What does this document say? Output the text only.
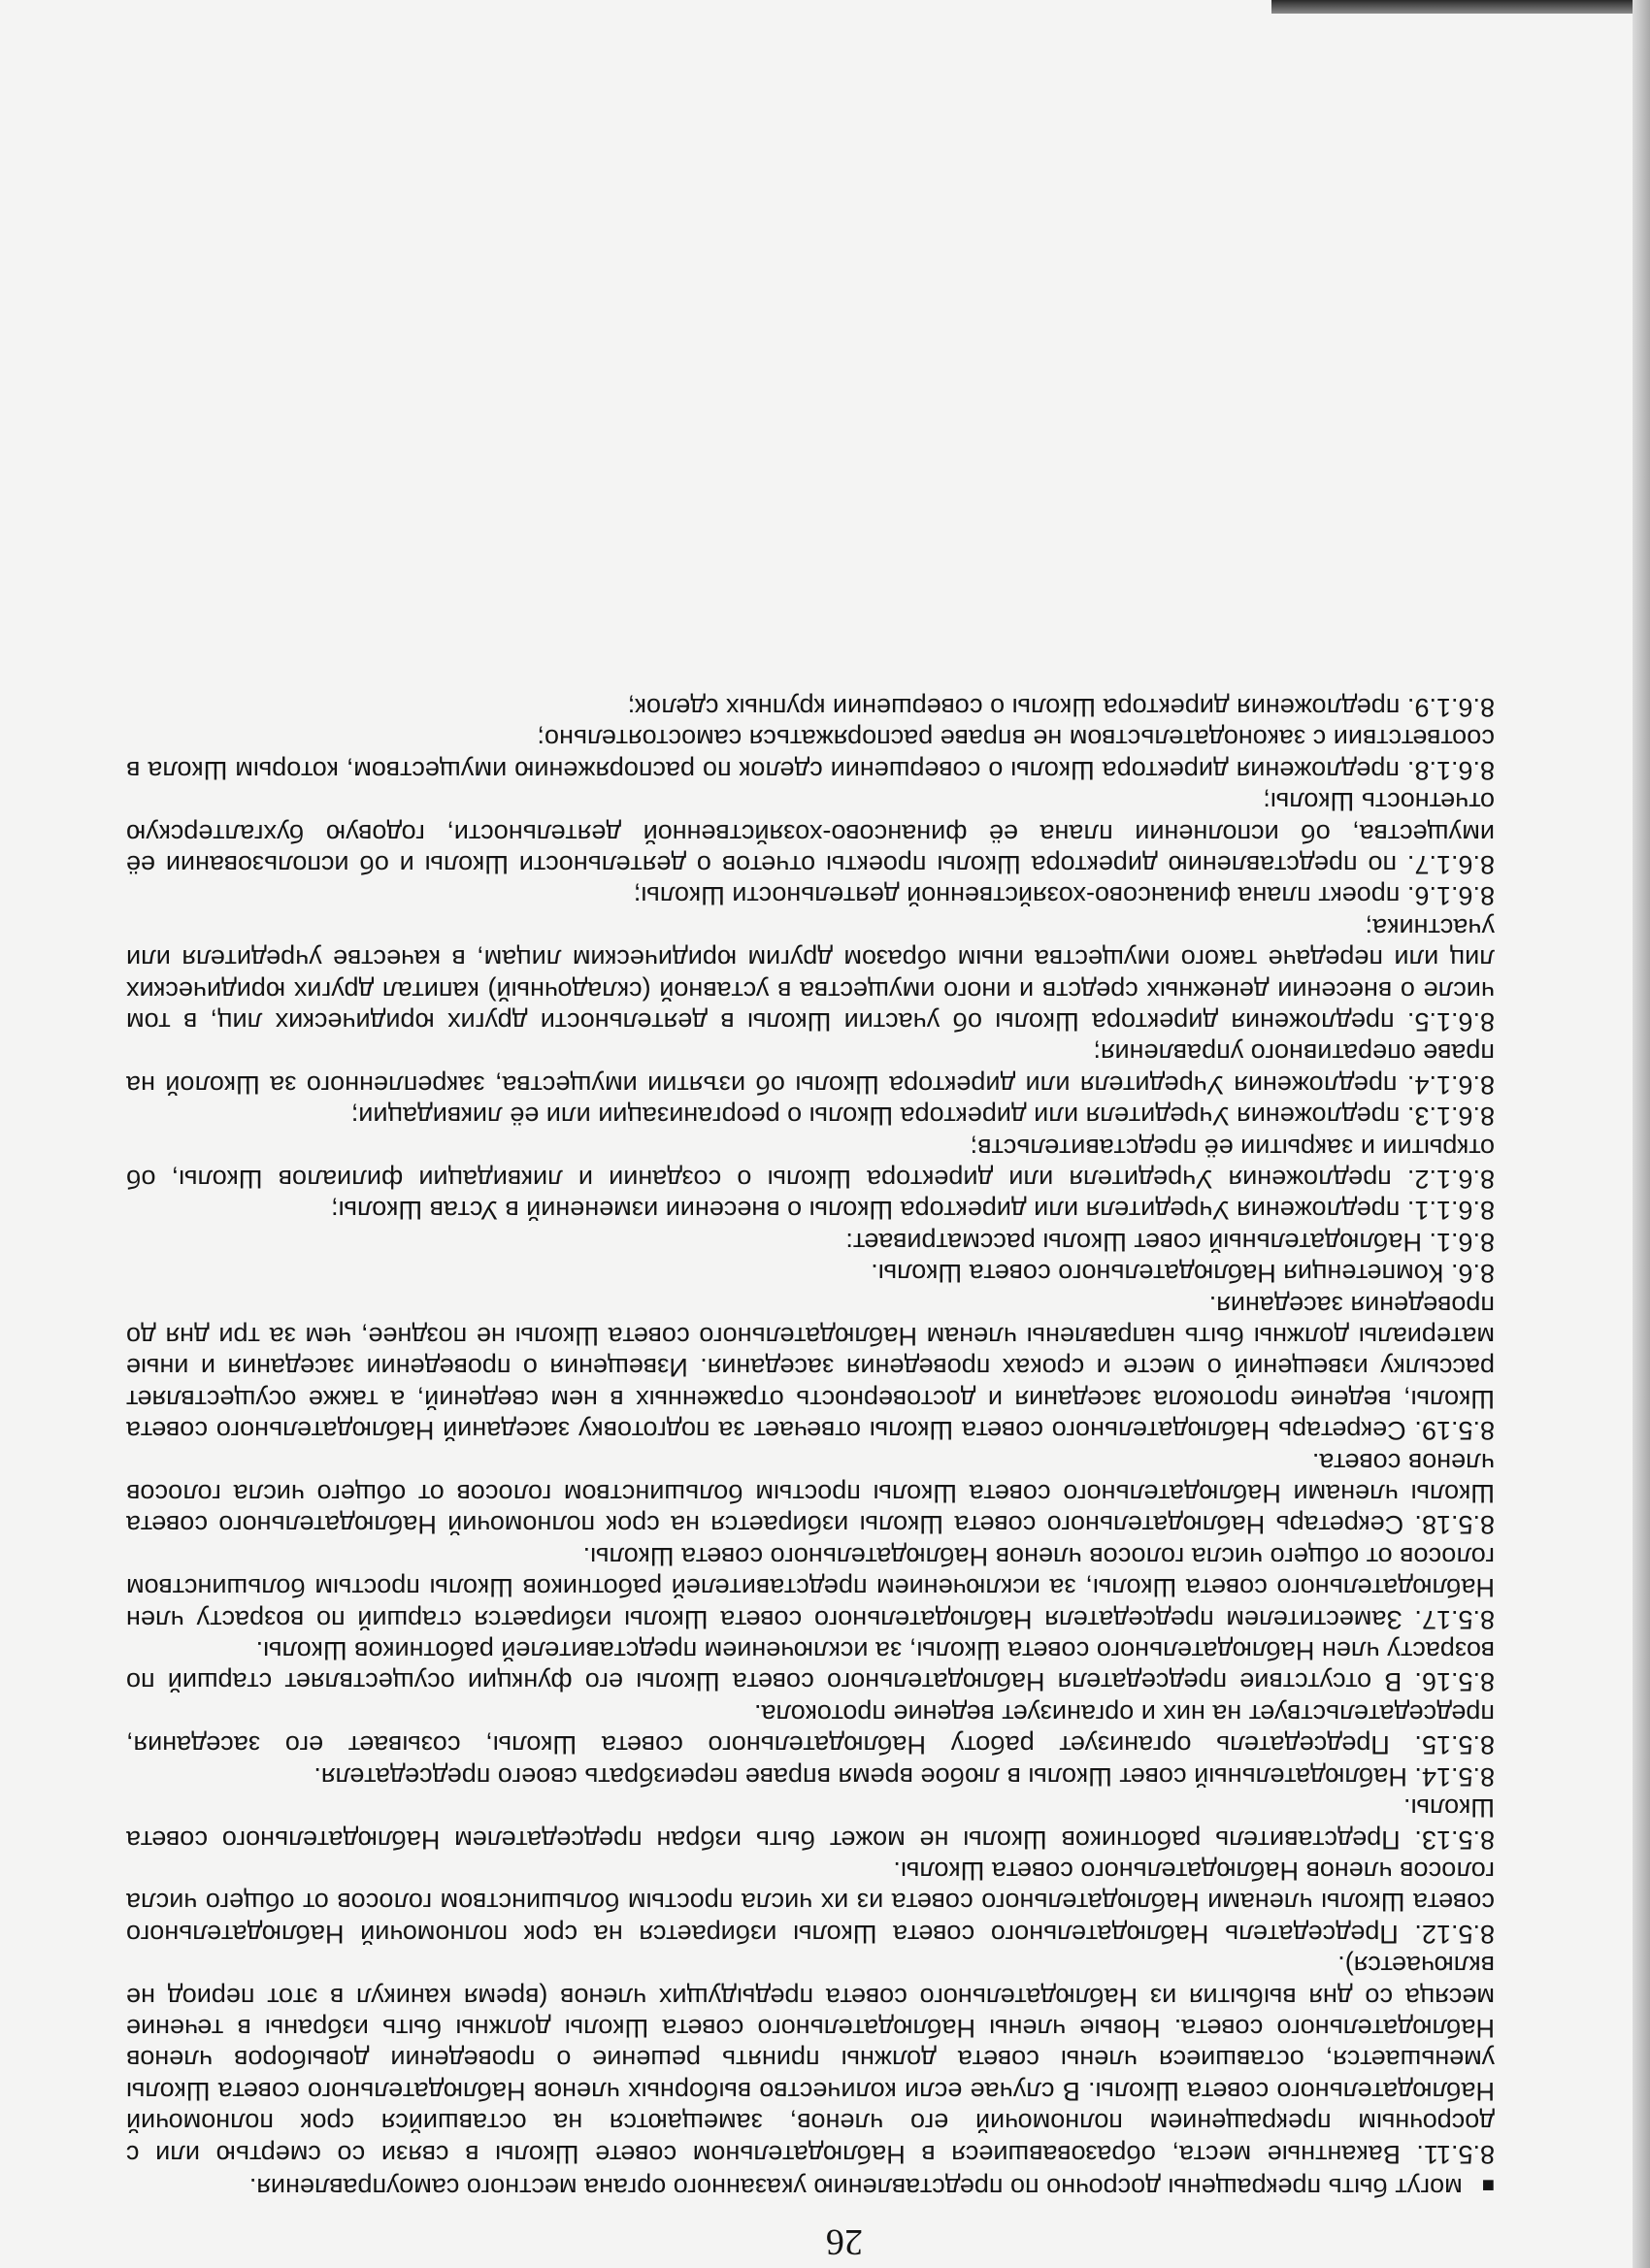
26
■

могут быть прекращены досрочно по представлению указанного органа местного самоуправления.

8.5.11. Вакантные места, образовавшиеся в Наблюдательном совете Школы в связи со смертью или с досрочным прекращением полномочий его членов, замещаются на оставшийся срок полномочий Наблюдательного совета Школы. В случае если количество выборных членов Наблюдательного совета Школы уменьшается, оставшиеся члены совета должны принять решение о проведении довыборов членов Наблюдательного совета. Новые члены Наблюдательного совета Школы должны быть избраны в течение месяца со дня выбытия из Наблюдательного совета предыдущих членов (время каникул в этот период не включается).

8.5.12. Председатель Наблюдательного совета Школы избирается на срок полномочий Наблюдательного совета Школы членами Наблюдательного совета из их числа простым большинством голосов от общего числа голосов членов Наблюдательного совета Школы.

8.5.13. Представитель работников Школы не может быть избран председателем Наблюдательного совета Школы.

8.5.14. Наблюдательный совет Школы в любое время вправе переизбрать своего председателя.

8.5.15. Председатель организует работу Наблюдательного совета Школы, созывает его заседания, председательствует на них и организует ведение протокола.

8.5.16. В отсутствие председателя Наблюдательного совета Школы его функции осуществляет старший по возрасту член Наблюдательного совета Школы, за исключением представителей работников Школы.

8.5.17. Заместителем председателя Наблюдательного совета Школы избирается старший по возрасту член Наблюдательного совета Школы, за исключением представителей работников Школы простым большинством голосов от общего числа голосов членов Наблюдательного совета Школы.

8.5.18. Секретарь Наблюдательного совета Школы избирается на срок полномочий Наблюдательного совета Школы членами Наблюдательного совета Школы простым большинством голосов от общего числа голосов членов совета.

8.5.19. Секретарь Наблюдательного совета Школы отвечает за подготовку заседаний Наблюдательного совета Школы, ведение протокола заседания и достоверность отраженных в нем сведений, а также осуществляет рассылку извещений о месте и сроках проведения заседания. Извещения о проведении заседания и иные материалы должны быть направлены членам Наблюдательного совета Школы не позднее, чем за три дня до проведения заседания.

8.6. Компетенция Наблюдательного совета Школы.

8.6.1. Наблюдательный совет Школы рассматривает:

8.6.1.1. предложения Учредителя или директора Школы о внесении изменений в Устав Школы;

8.6.1.2. предложения Учредителя или директора Школы о создании и ликвидации филиалов Школы, об открытии и закрытии её представительств;

8.6.1.3. предложения Учредителя или директора Школы о реорганизации или её ликвидации;

8.6.1.4. предложения Учредителя или директора Школы об изъятии имущества, закрепленного за Школой на праве оперативного управления;

8.6.1.5. предложения директора Школы об участии Школы в деятельности других юридических лиц, в том числе о внесении денежных средств и иного имущества в уставной (складочный) капитал других юридических лиц или передаче такого имущества иным образом другим юридическим лицам, в качестве учредителя или участника;

8.6.1.6. проект плана финансово-хозяйственной деятельности Школы;

8.6.1.7. по представлению директора Школы проекты отчетов о деятельности Школы и об использовании её имущества, об исполнении плана её финансово-хозяйственной деятельности, годовую бухгалтерскую отчетность Школы;

8.6.1.8. предложения директора Школы о совершении сделок по распоряжению имуществом, которым Школа в соответствии с законодательством не вправе распоряжаться самостоятельно;

8.6.1.9. предложения директора Школы о совершении крупных сделок;
